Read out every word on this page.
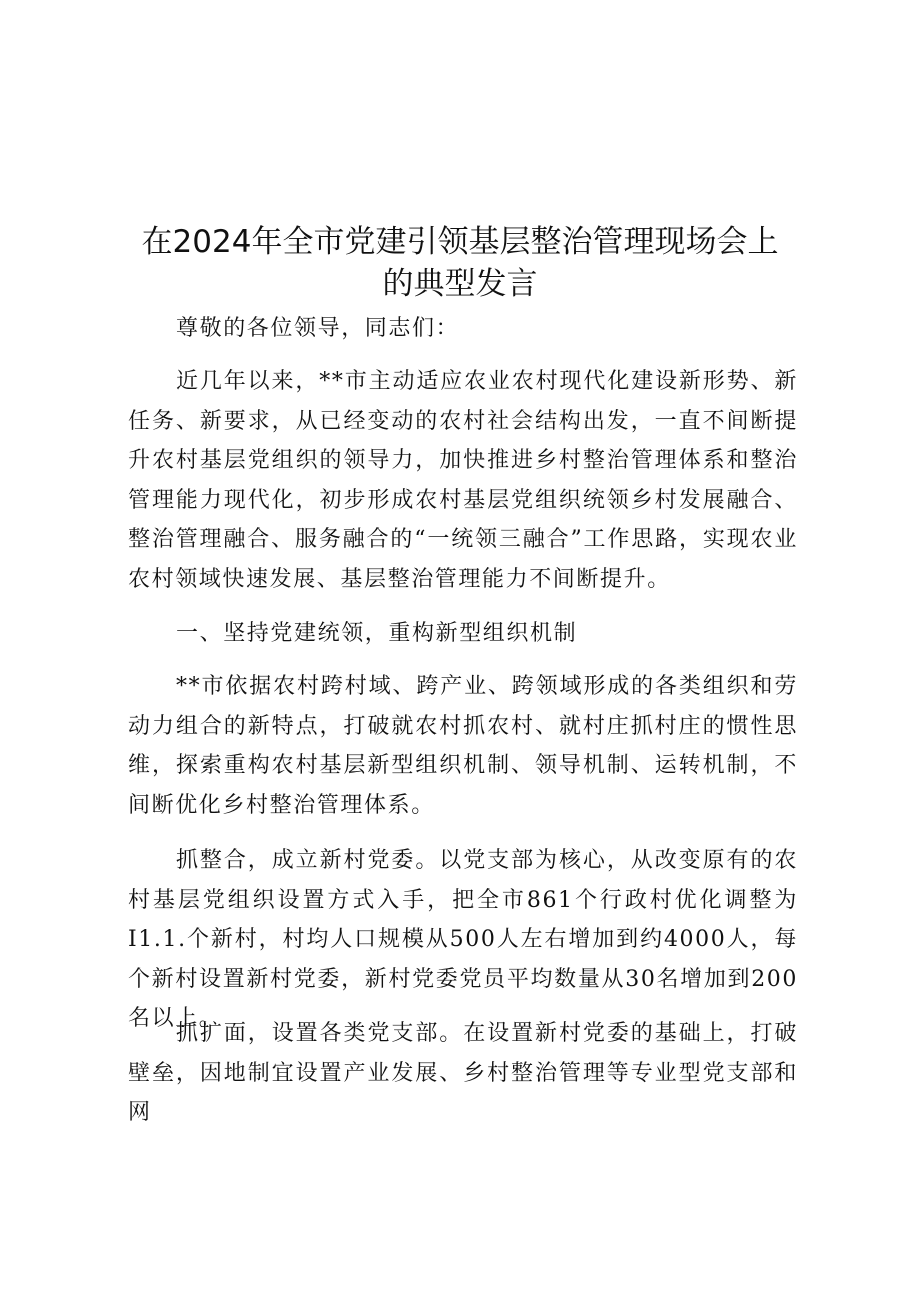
在2024年全市党建引领基层整治管理现场会上
的典型发言

尊敬的各位领导，同志们：

近几年以来，**市主动适应农业农村现代化建设新形势、新任务、新要求，从已经变动的农村社会结构出发，一直不间断提升农村基层党组织的领导力，加快推进乡村整治管理体系和整治管理能力现代化，初步形成农村基层党组织统领乡村发展融合、整治管理融合、服务融合的“一统领三融合”工作思路，实现农业农村领域快速发展、基层整治管理能力不间断提升。

一、坚持党建统领，重构新型组织机制

**市依据农村跨村域、跨产业、跨领域形成的各类组织和劳动力组合的新特点，打破就农村抓农村、就村庄抓村庄的惯性思维，探索重构农村基层新型组织机制、领导机制、运转机制，不间断优化乡村整治管理体系。

抓整合，成立新村党委。以党支部为核心，从改变原有的农村基层党组织设置方式入手，把全市861个行政村优化调整为I1.1.个新村，村均人口规模从500人左右增加到约4000人，每个新村设置新村党委，新村党委党员平均数量从30名增加到200名以上。

抓扩面，设置各类党支部。在设置新村党委的基础上，打破壁垒，因地制宜设置产业发展、乡村整治管理等专业型党支部和网
